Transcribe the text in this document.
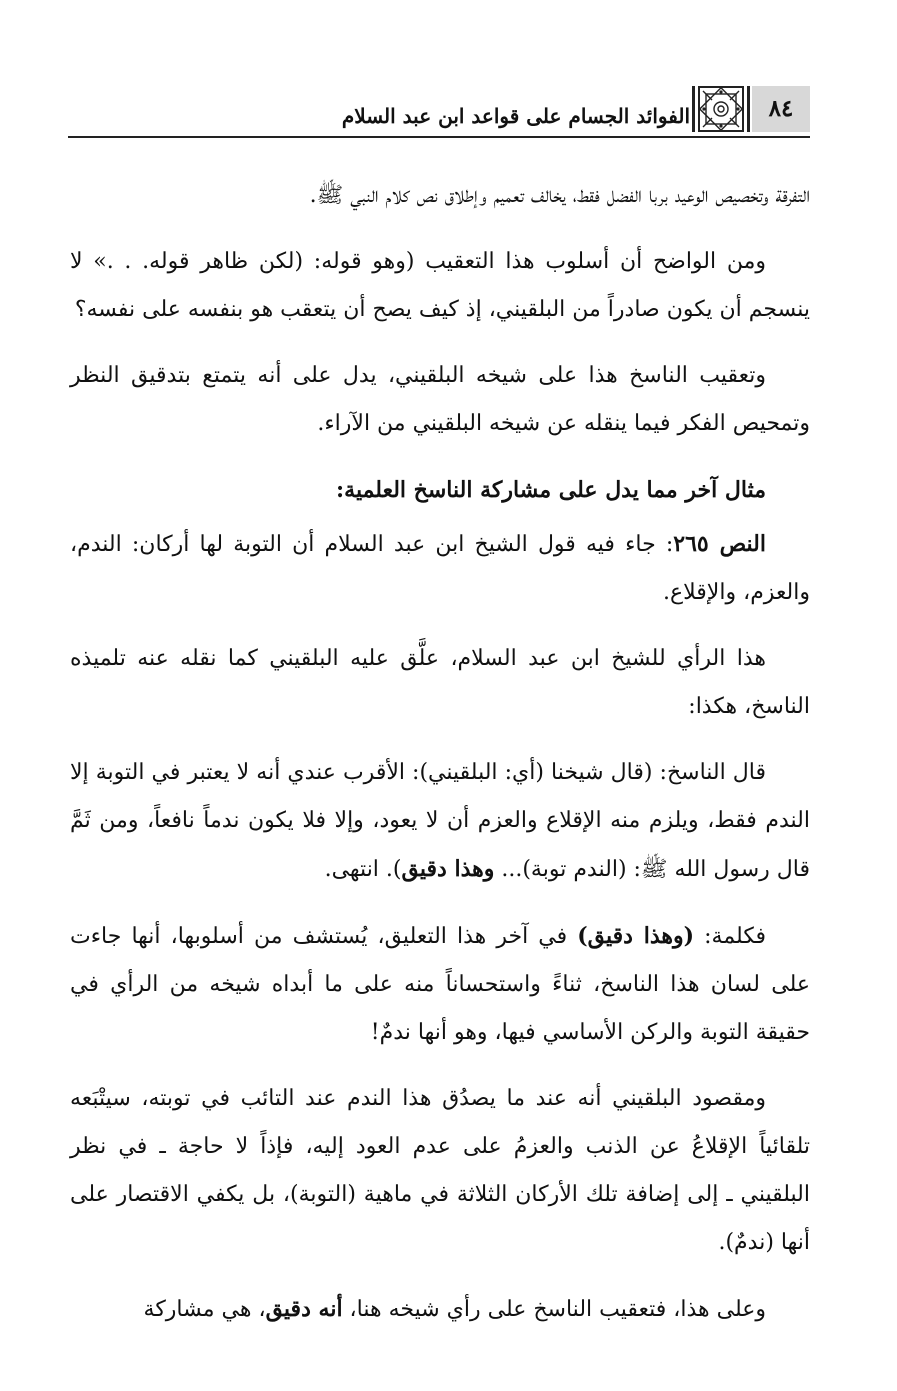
الفوائد الجسام على قواعد ابن عبد السلام	٨٤

التفرقة وتخصيص الوعيد بربا الفضل فقط، يخالف تعميم وإطلاق نص كلام النبي ﷺ.

ومن الواضح أن أسلوب هذا التعقيب (وهو قوله: (لكن ظاهر قوله. . .» لا ينسجم أن يكون صادراً من البلقيني، إذ كيف يصح أن يتعقب هو بنفسه على نفسه؟

وتعقيب الناسخ هذا على شيخه البلقيني، يدل على أنه يتمتع بتدقيق النظر وتمحيص الفكر فيما ينقله عن شيخه البلقيني من الآراء.

مثال آخر مما يدل على مشاركة الناسخ العلمية:

النص ٢٦٥: جاء فيه قول الشيخ ابن عبد السلام أن التوبة لها أركان: الندم، والعزم، والإقلاع.

هذا الرأي للشيخ ابن عبد السلام، علَّق عليه البلقيني كما نقله عنه تلميذه الناسخ، هكذا:

قال الناسخ: (قال شيخنا (أي: البلقيني): الأقرب عندي أنه لا يعتبر في التوبة إلا الندم فقط، ويلزم منه الإقلاع والعزم أن لا يعود، وإلا فلا يكون ندماً نافعاً، ومن ثَمَّ قال رسول الله ﷺ: (الندم توبة)... وهذا دقيق). انتهى.

فكلمة: (وهذا دقيق) في آخر هذا التعليق، يُستشف من أسلوبها، أنها جاءت على لسان هذا الناسخ، ثناءً واستحساناً منه على ما أبداه شيخه من الرأي في حقيقة التوبة والركن الأساسي فيها، وهو أنها ندمٌ!

ومقصود البلقيني أنه عند ما يصدُق هذا الندم عند التائب في توبته، سيتْبَعه تلقائياً الإقلاعُ عن الذنب والعزمُ على عدم العود إليه، فإذاً لا حاجة ـ في نظر البلقيني ـ إلى إضافة تلك الأركان الثلاثة في ماهية (التوبة)، بل يكفي الاقتصار على أنها (ندمٌ).

وعلى هذا، فتعقيب الناسخ على رأي شيخه هنا، أنه دقيق، هي مشاركة
